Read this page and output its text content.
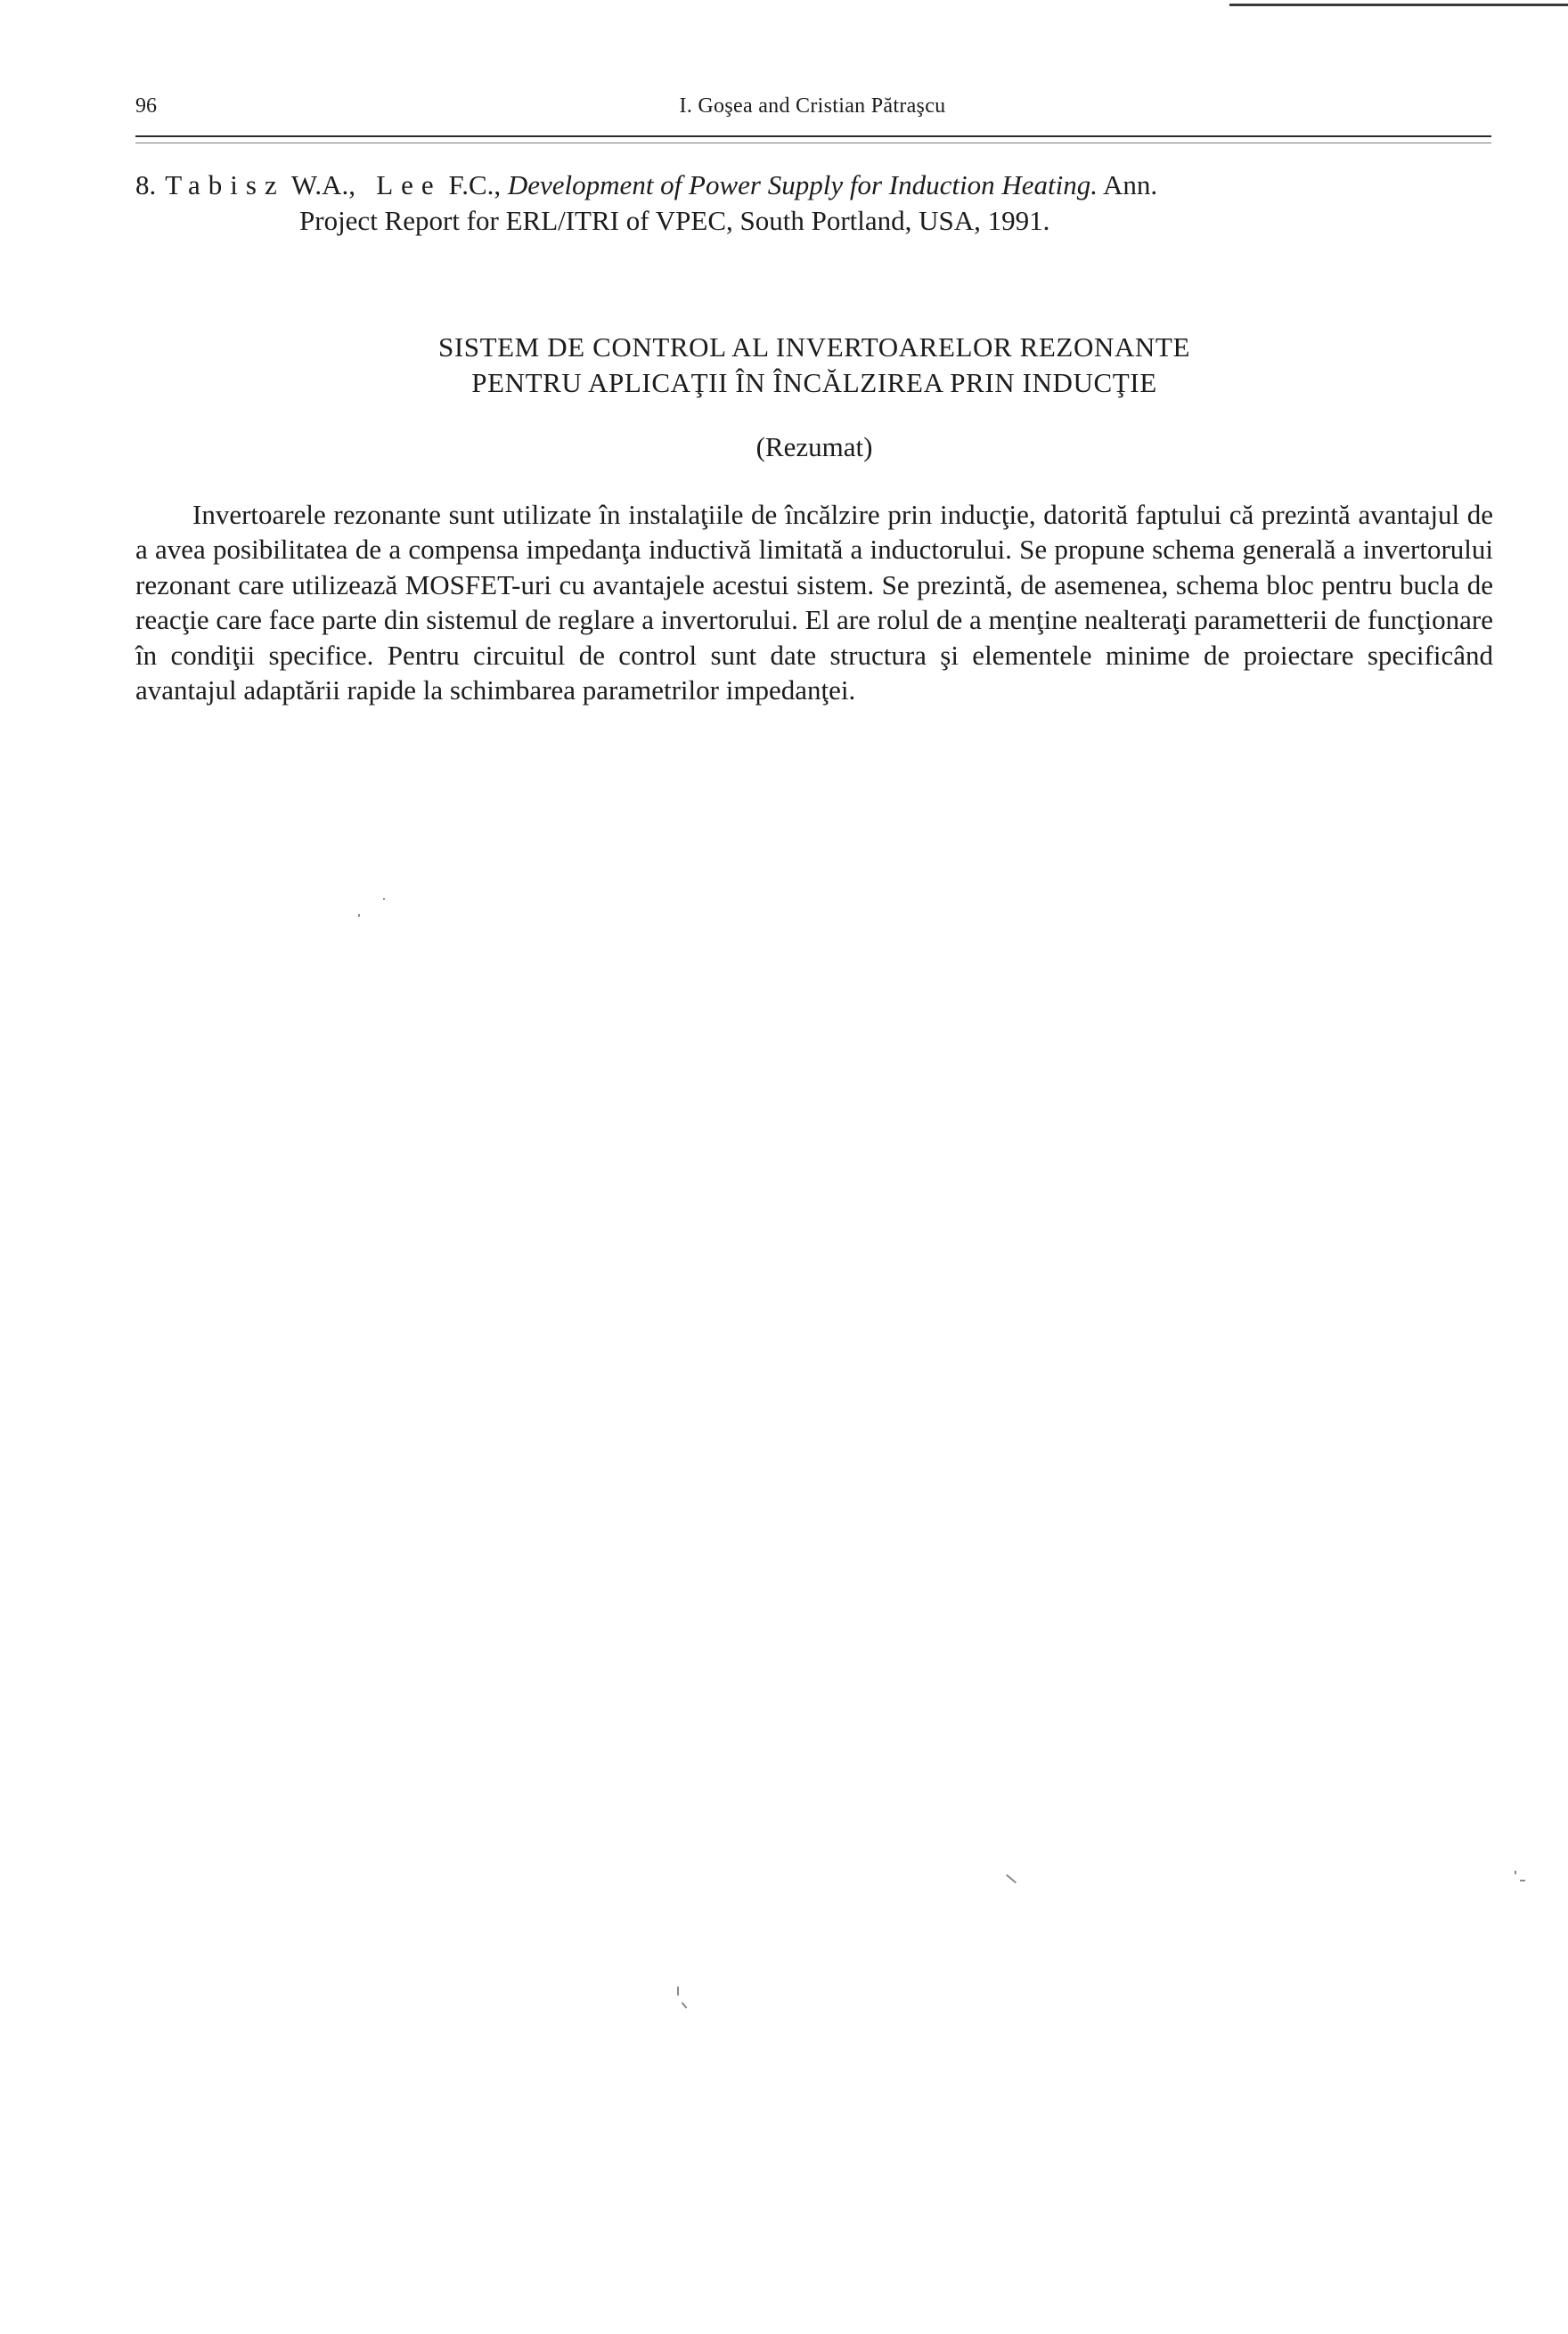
96	I. Goşea and Cristian Pătraşcu
8. Tabisz W.A., Lee F.C., Development of Power Supply for Induction Heating. Ann.
Project Report for ERL/ITRI of VPEC, South Portland, USA, 1991.
SISTEM DE CONTROL AL INVERTOARELOR REZONANTE
PENTRU APLICAŢII ÎN ÎNCĂLZIREA PRIN INDUCŢIE
(Rezumat)
Invertoarele rezonante sunt utilizate în instalaţiile de încălzire prin inducţie, datorită faptului că prezintă avantajul de a avea posibilitatea de a compensa impedanţa inductivă limitată a inductorului. Se propune schema generală a invertorului rezonant care utilizează MOSFET-uri cu avantajele acestui sistem. Se prezintă, de asemenea, schema bloc pentru bucla de reacţie care face parte din sistemul de reglare a invertorului. El are rolul de a menţine nealteraţi parametterii de funcţionare în condiţii specifice. Pentru circuitul de control sunt date structura şi elementele minime de proiectare specificând avantajul adaptării rapide la schimbarea parametrilor impedanţei.
